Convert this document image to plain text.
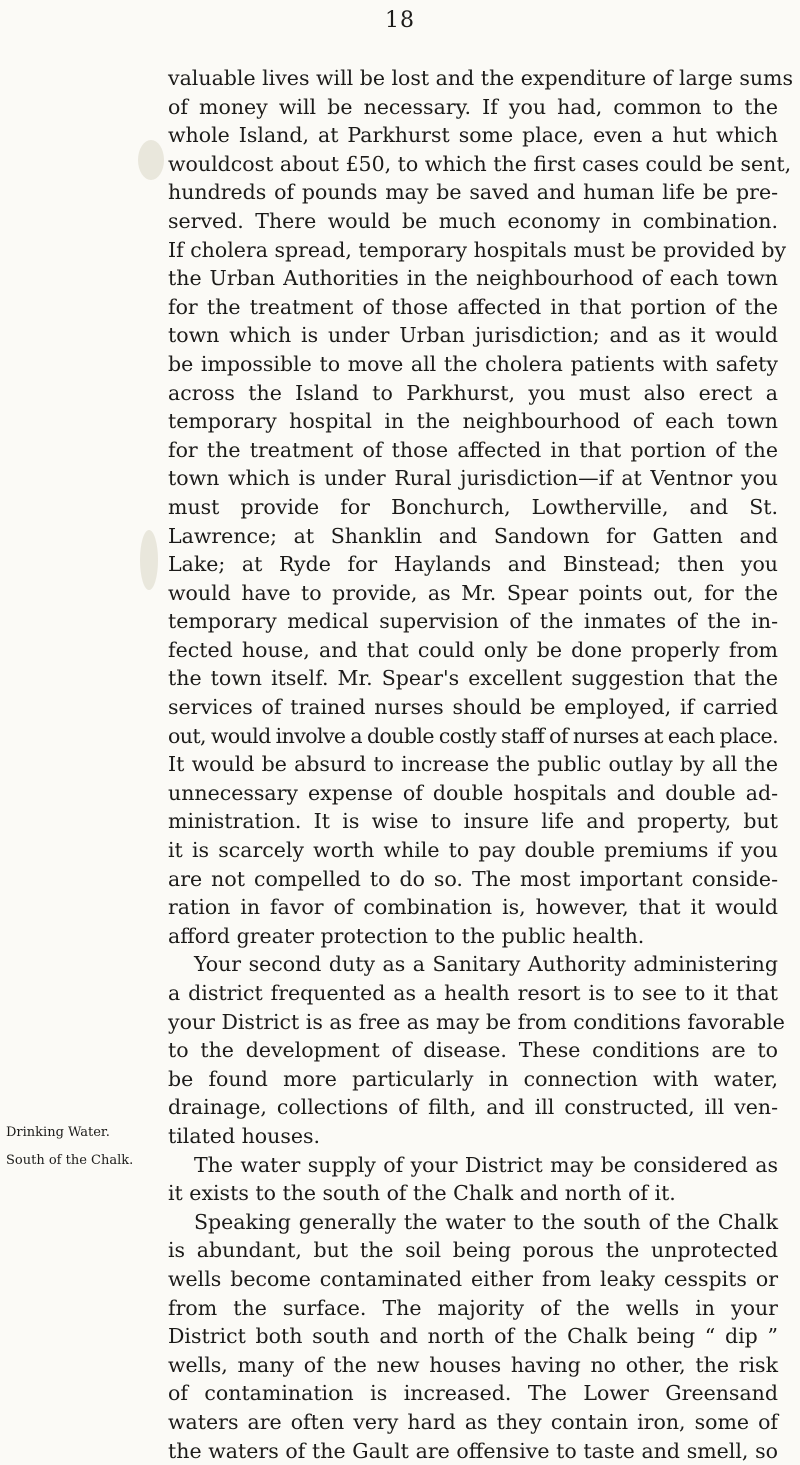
18
Drinking Water.
South of the Chalk.
valuable lives will be lost and the expenditure of large sums
of money will be necessary. If you had, common to the
whole Island, at Parkhurst some place, even a hut which
wouldcost about £50, to which the first cases could be sent,
hundreds of pounds may be saved and human life be pre-
served. There would be much economy in combination.
If cholera spread, temporary hospitals must be provided by
the Urban Authorities in the neighbourhood of each town
for the treatment of those affected in that portion of the
town which is under Urban jurisdiction; and as it would
be impossible to move all the cholera patients with safety
across the Island to Parkhurst, you must also erect a
temporary hospital in the neighbourhood of each town
for the treatment of those affected in that portion of the
town which is under Rural jurisdiction—if at Ventnor you
must provide for Bonchurch, Lowtherville, and St.
Lawrence; at Shanklin and Sandown for Gatten and
Lake; at Ryde for Haylands and Binstead; then you
would have to provide, as Mr. Spear points out, for the
temporary medical supervision of the inmates of the in-
fected house, and that could only be done properly from
the town itself. Mr. Spear's excellent suggestion that the
services of trained nurses should be employed, if carried
out, would involve a double costly staff of nurses at each place.
It would be absurd to increase the public outlay by all the
unnecessary expense of double hospitals and double ad-
ministration. It is wise to insure life and property, but
it is scarcely worth while to pay double premiums if you
are not compelled to do so. The most important conside-
ration in favor of combination is, however, that it would
afford greater protection to the public health.
Your second duty as a Sanitary Authority administering
a district frequented as a health resort is to see to it that
your District is as free as may be from conditions favorable
to the development of disease. These conditions are to
be found more particularly in connection with water,
drainage, collections of filth, and ill constructed, ill ven-
tilated houses.
The water supply of your District may be considered as
it exists to the south of the Chalk and north of it.
Speaking generally the water to the south of the Chalk
is abundant, but the soil being porous the unprotected
wells become contaminated either from leaky cesspits or
from the surface. The majority of the wells in your
District both south and north of the Chalk being “ dip ”
wells, many of the new houses having no other, the risk
of contamination is increased. The Lower Greensand
waters are often very hard as they contain iron, some of
the waters of the Gault are offensive to taste and smell, so
